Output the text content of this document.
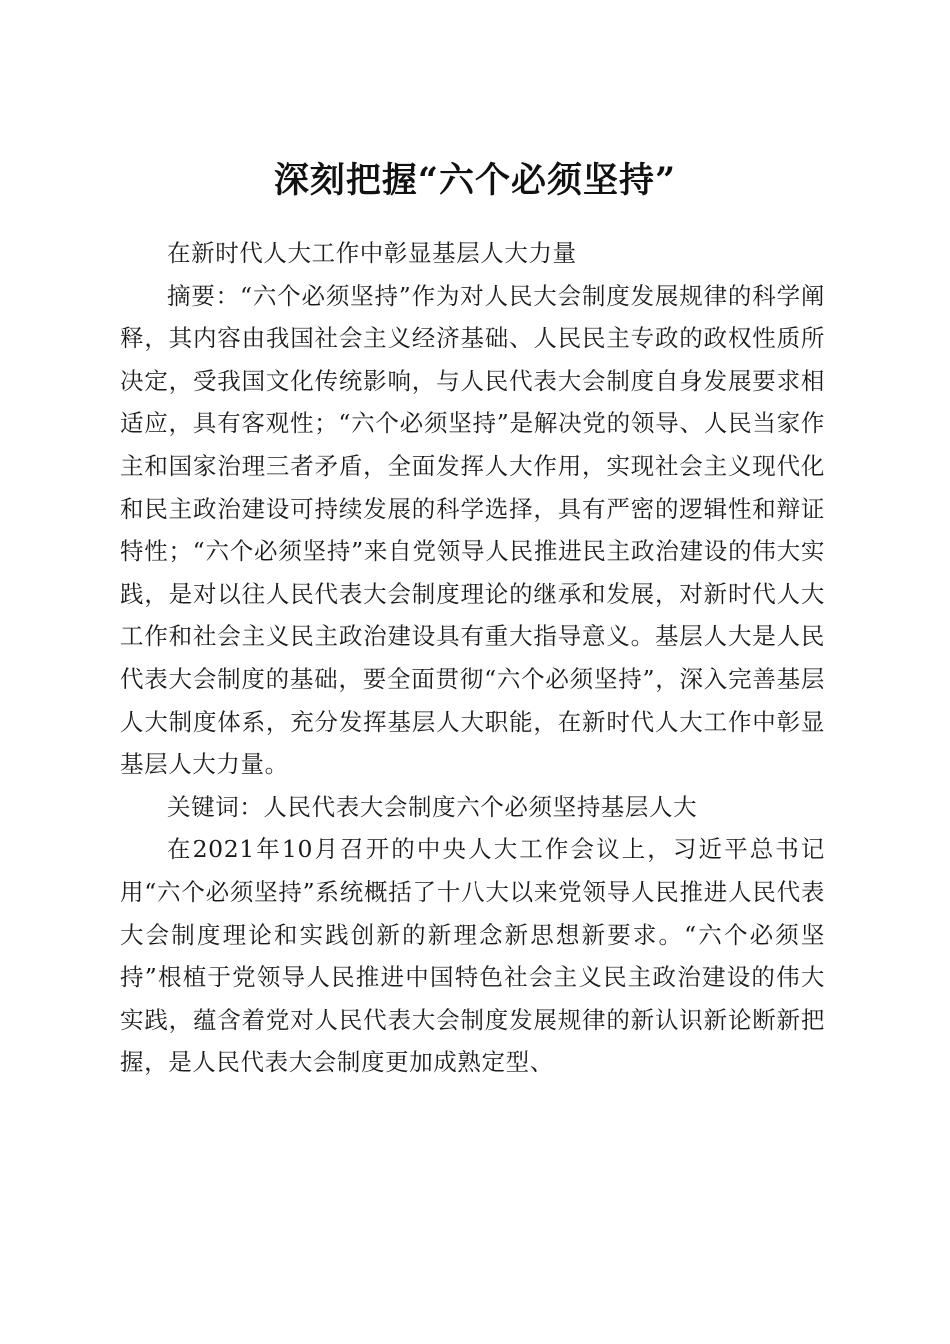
深刻把握“六个必须坚持”

在新时代人大工作中彰显基层人大力量

摘要：“六个必须坚持”作为对人民大会制度发展规律的科学阐释，其内容由我国社会主义经济基础、人民民主专政的政权性质所决定，受我国文化传统影响，与人民代表大会制度自身发展要求相适应，具有客观性；“六个必须坚持”是解决党的领导、人民当家作主和国家治理三者矛盾，全面发挥人大作用，实现社会主义现代化和民主政治建设可持续发展的科学选择，具有严密的逻辑性和辩证特性；“六个必须坚持”来自党领导人民推进民主政治建设的伟大实践，是对以往人民代表大会制度理论的继承和发展，对新时代人大工作和社会主义民主政治建设具有重大指导意义。基层人大是人民代表大会制度的基础，要全面贯彻“六个必须坚持”，深入完善基层人大制度体系，充分发挥基层人大职能，在新时代人大工作中彰显基层人大力量。

关键词：人民代表大会制度六个必须坚持基层人大

在2021年10月召开的中央人大工作会议上，习近平总书记用“六个必须坚持”系统概括了十八大以来党领导人民推进人民代表大会制度理论和实践创新的新理念新思想新要求。“六个必须坚持”根植于党领导人民推进中国特色社会主义民主政治建设的伟大实践，蕴含着党对人民代表大会制度发展规律的新认识新论断新把握，是人民代表大会制度更加成熟定型、
